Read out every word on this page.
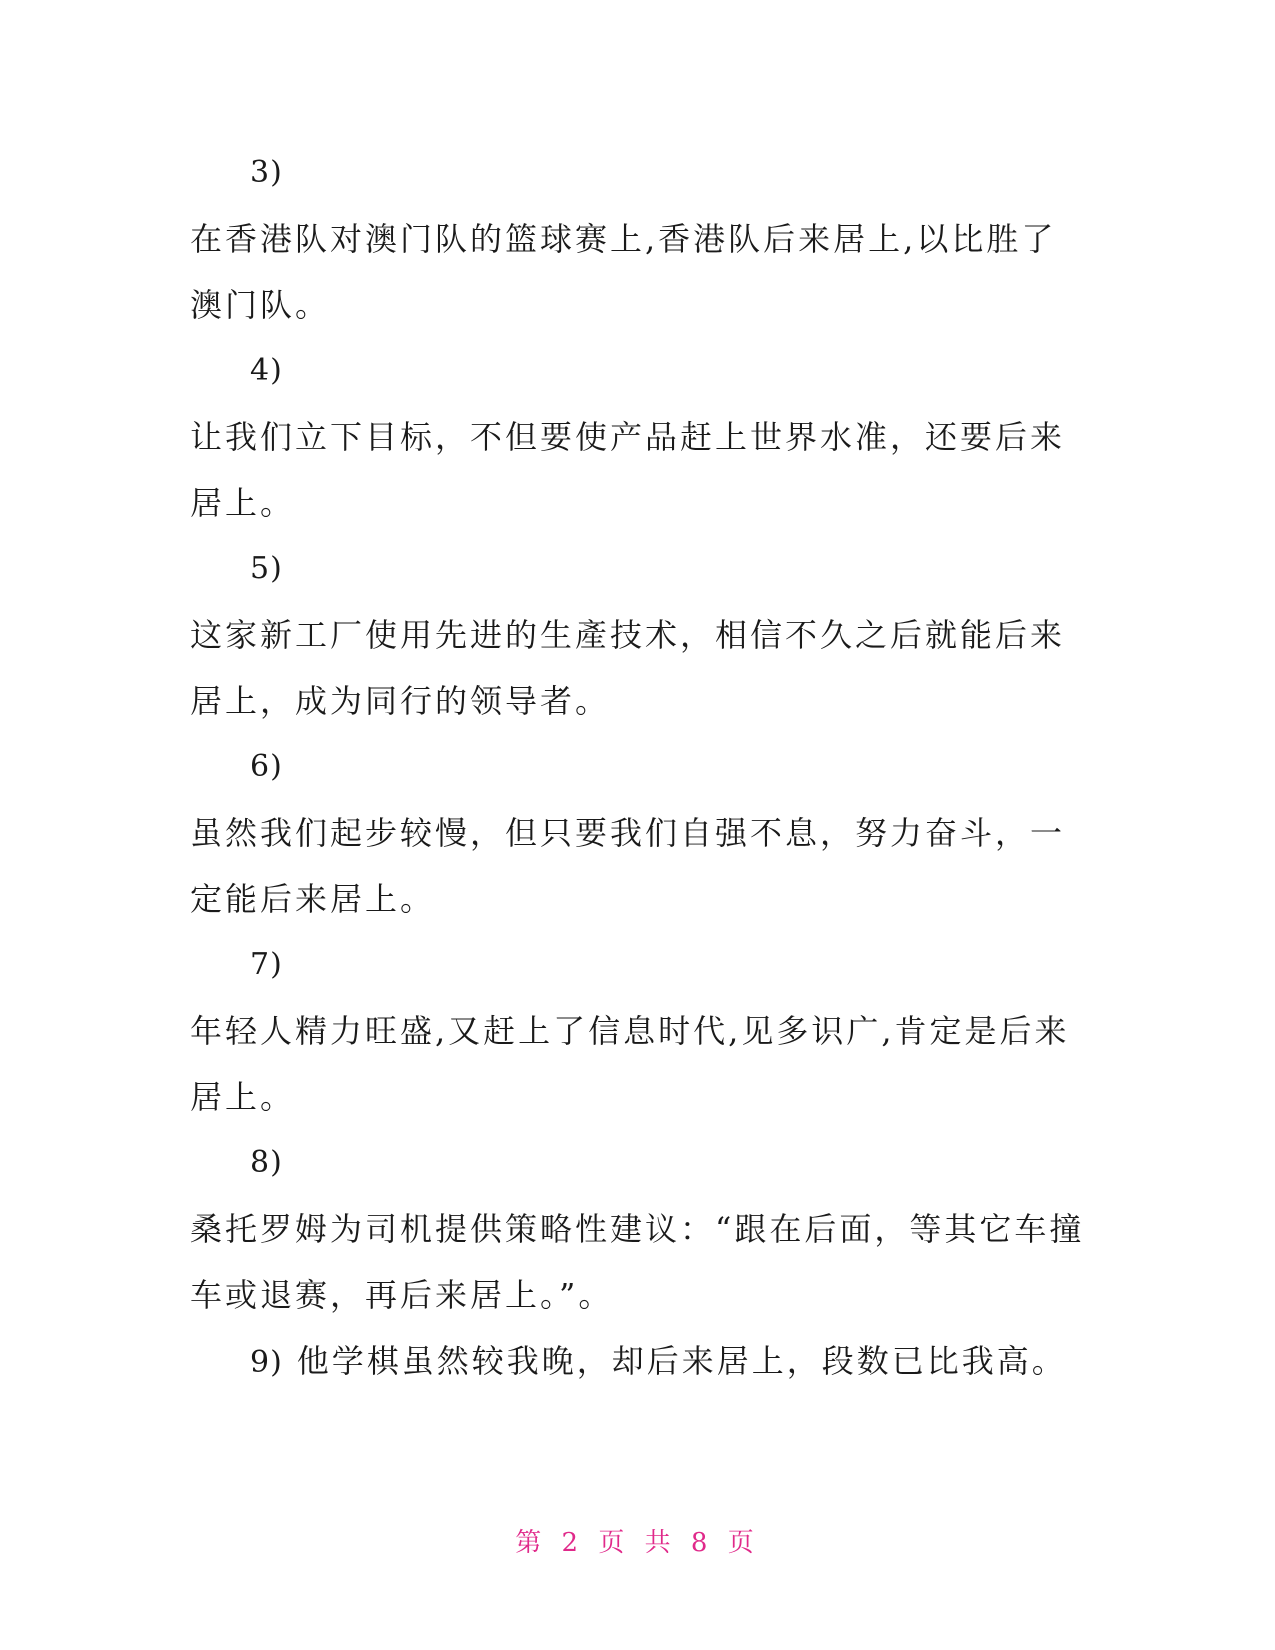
3)
在香港队对澳门队的篮球赛上,香港队后来居上,以比胜了澳门队。
4)
让我们立下目标，不但要使产品赶上世界水准，还要后来居上。
5)
这家新工厂使用先进的生產技术，相信不久之后就能后来居上，成为同行的领导者。
6)
虽然我们起步较慢，但只要我们自强不息，努力奋斗，一定能后来居上。
7)
年轻人精力旺盛,又赶上了信息时代,见多识广,肯定是后来居上。
8)
桑托罗姆为司机提供策略性建议：“跟在后面，等其它车撞车或退赛，再后来居上。”。
9) 他学棋虽然较我晚，却后来居上，段数已比我高。
第 2 页 共 8 页
